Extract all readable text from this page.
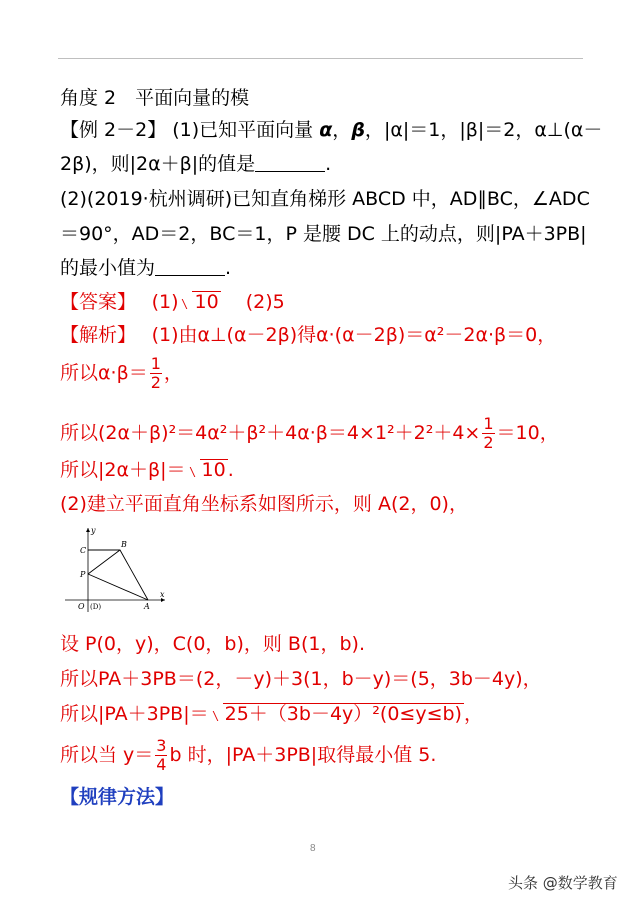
角度 2　平面向量的模
【例 2－2】 (1)已知平面向量 α，β，|α|＝1，|β|＝2，α⊥(α－
2β)，则|2α＋β|的值是	.
(2)(2019·杭州调研)已知直角梯形 ABCD 中，AD∥BC，∠ADC
＝90°，AD＝2，BC＝1，P 是腰 DC 上的动点，则|PA＋3PB|
的最小值为	.
【答案】　 (1) 10　 (2)5
【解析】　 (1)由α⊥(α－2β)得α·(α－2β)＝α²－2α·β＝0，
所以$\alpha\cdot\beta= \frac{1}{2}$ ，
所以$(2\alpha+\beta)^2=4\alpha^2+\beta^2+4\alpha\cdot\beta=4\times 1^2+2^2+4\times \frac{1}{2} =10$，
所以|2α＋β|＝ 10 .
(2)建立平面直角坐标系如图所示，则 A(2，0)，
y
x
C
B
P
O (D)	A
设 P(0，y)，C(0，b)，则 B(1，b).
所以PA＋3PB＝(2，－y)＋3(1，b－y)＝(5，3b－4y)，
所以|PA＋3PB|＝ 25＋（3b－4y）²(0≤y≤b) ，
所以当 $y= \frac{3}{4}$ b 时，|PA＋3PB|取得最小值 5.
【规律方法】
8
头条 @数学教育
